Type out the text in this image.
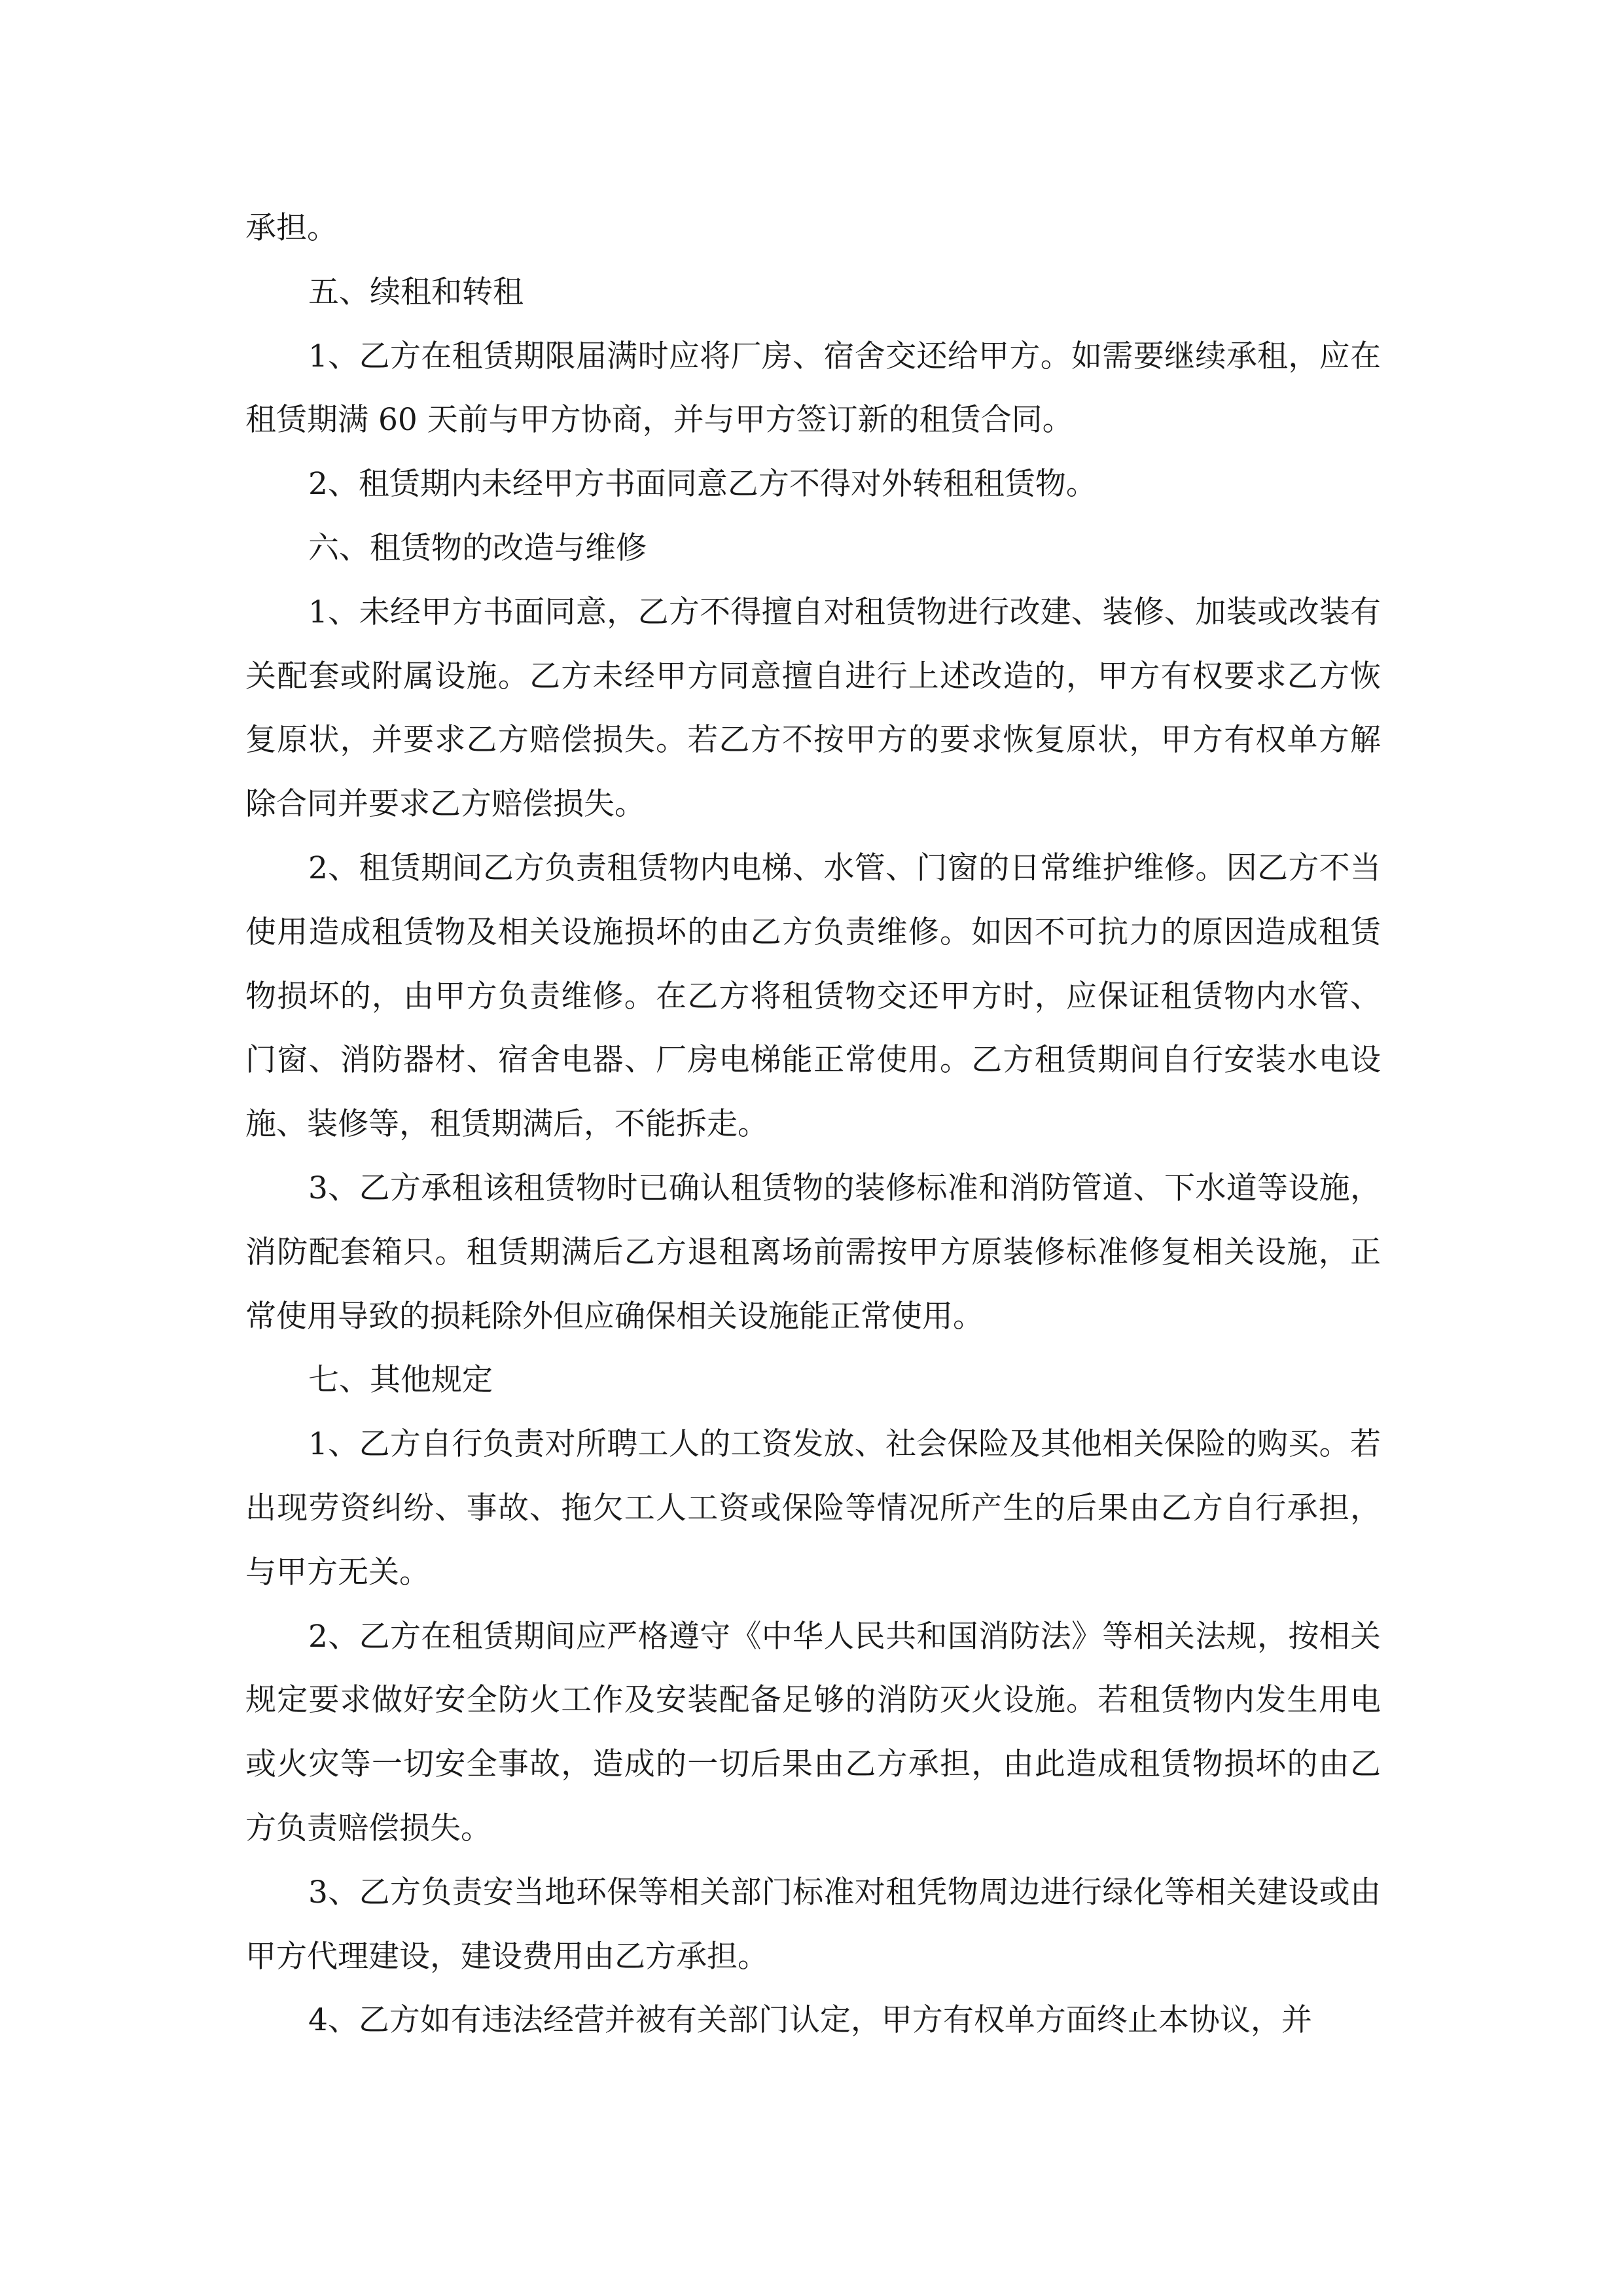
承担。

五、续租和转租

1、乙方在租赁期限届满时应将厂房、宿舍交还给甲方。如需要继续承租，应在租赁期满 60 天前与甲方协商，并与甲方签订新的租赁合同。

2、租赁期内未经甲方书面同意乙方不得对外转租租赁物。

六、租赁物的改造与维修

1、未经甲方书面同意，乙方不得擅自对租赁物进行改建、装修、加装或改装有关配套或附属设施。乙方未经甲方同意擅自进行上述改造的，甲方有权要求乙方恢复原状，并要求乙方赔偿损失。若乙方不按甲方的要求恢复原状，甲方有权单方解除合同并要求乙方赔偿损失。

2、租赁期间乙方负责租赁物内电梯、水管、门窗的日常维护维修。因乙方不当使用造成租赁物及相关设施损坏的由乙方负责维修。如因不可抗力的原因造成租赁物损坏的，由甲方负责维修。在乙方将租赁物交还甲方时，应保证租赁物内水管、门窗、消防器材、宿舍电器、厂房电梯能正常使用。乙方租赁期间自行安装水电设施、装修等，租赁期满后，不能拆走。

3、乙方承租该租赁物时已确认租赁物的装修标准和消防管道、下水道等设施，消防配套箱只。租赁期满后乙方退租离场前需按甲方原装修标准修复相关设施，正常使用导致的损耗除外但应确保相关设施能正常使用。

七、其他规定

1、乙方自行负责对所聘工人的工资发放、社会保险及其他相关保险的购买。若出现劳资纠纷、事故、拖欠工人工资或保险等情况所产生的后果由乙方自行承担，与甲方无关。

2、乙方在租赁期间应严格遵守《中华人民共和国消防法》等相关法规，按相关规定要求做好安全防火工作及安装配备足够的消防灭火设施。若租赁物内发生用电或火灾等一切安全事故，造成的一切后果由乙方承担，由此造成租赁物损坏的由乙方负责赔偿损失。

3、乙方负责安当地环保等相关部门标准对租凭物周边进行绿化等相关建设或由甲方代理建设，建设费用由乙方承担。

4、乙方如有违法经营并被有关部门认定，甲方有权单方面终止本协议，并
